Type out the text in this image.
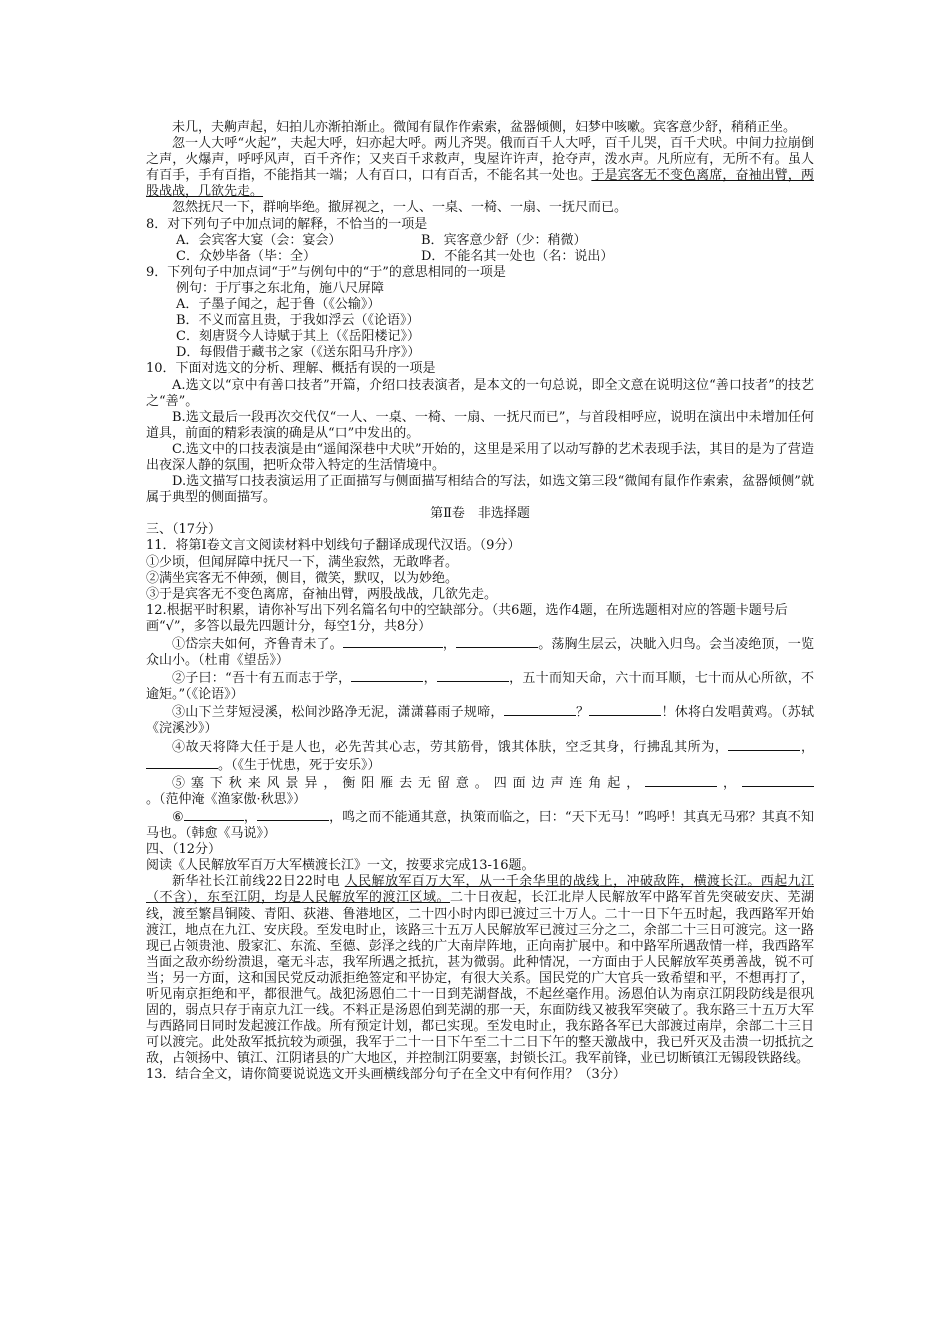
未几，夫齁声起，妇拍儿亦渐拍渐止。微闻有鼠作作索索，盆器倾侧，妇梦中咳嗽。宾客意少舒，稍稍正坐。

忽一人大呼“火起”，夫起大呼，妇亦起大呼。两儿齐哭。俄而百千人大呼，百千儿哭，百千犬吠。中间力拉崩倒之声，火爆声，呼呼风声，百千齐作；又夹百千求救声，曳屋许许声，抢夺声，泼水声。凡所应有，无所不有。虽人有百手，手有百指，不能指其一端；人有百口，口有百舌，不能名其一处也。于是宾客无不变色离席，奋袖出臂，两股战战，几欲先走。

忽然抚尺一下，群响毕绝。撤屏视之，一人、一桌、一椅、一扇、一抚尺而已。

8．对下列句子中加点词的解释，不恰当的一项是

A．会宾客大宴（会：宴会）	B．宾客意少舒（少：稍微）
C．众妙毕备（毕：全）	D．不能名其一处也（名：说出）

9．下列句子中加点词“于”与例句中的“于”的意思相同的一项是

例句：于厅事之东北角，施八尺屏障

A．子墨子闻之，起于鲁（《公输》）

B．不义而富且贵，于我如浮云（《论语》）

C．刻唐贤今人诗赋于其上（《岳阳楼记》）

D．每假借于藏书之家（《送东阳马升序》）

10．下面对选文的分析、理解、概括有误的一项是

A.选文以“京中有善口技者”开篇，介绍口技表演者，是本文的一句总说，即全文意在说明这位“善口技者”的技艺之“善”。

B.选文最后一段再次交代仅“一人、一桌、一椅、一扇、一抚尺而已”，与首段相呼应，说明在演出中未增加任何道具，前面的精彩表演的确是从“口”中发出的。

C.选文中的口技表演是由“遥闻深巷中犬吠”开始的，这里是采用了以动写静的艺术表现手法，其目的是为了营造出夜深人静的氛围，把听众带入特定的生活情境中。

D.选文描写口技表演运用了正面描写与侧面描写相结合的写法，如选文第三段“微闻有鼠作作索索，盆器倾侧”就属于典型的侧面描写。

第Ⅱ卷　非选择题

三、（17分）

11．将第Ⅰ卷文言文阅读材料中划线句子翻译成现代汉语。（9分）

①少顷，但闻屏障中抚尺一下，满坐寂然，无敢哗者。

②满坐宾客无不伸颈，侧目，微笑，默叹，以为妙绝。

③于是宾客无不变色离席，奋袖出臂，两股战战，几欲先走。

12.根据平时积累，请你补写出下列名篇名句中的空缺部分。（共6题，选作4题，在所选题相对应的答题卡题号后画“√”，多答以最先四题计分，每空1分，共8分）

①岱宗夫如何，齐鲁青未了。	，	。荡胸生层云，决眦入归鸟。会当凌绝顶，一览众山小。（杜甫《望岳》）

②子曰：“吾十有五而志于学，	，	，五十而知天命，六十而耳顺，七十而从心所欲，不逾矩。”（《论语》）

③山下兰芽短浸溪，松间沙路净无泥，潇潇暮雨子规啼，	？	！休将白发唱黄鸡。（苏轼《浣溪沙》）

④故天将降大任于是人也，必先苦其心志，劳其筋骨，饿其体肤，空乏其身，行拂乱其所为，	，。（《生于忧患，死于安乐》）

⑤塞下秋来风景异，衡阳雁去无留意。四面边声连角起，	，。（范仲淹《渔家傲·秋思》）

⑥	，	，鸣之而不能通其意，执策而临之，曰：“天下无马！”呜呼！其真无马邪？其真不知马也。（韩愈《马说》）

四、（12分）

阅读《人民解放军百万大军横渡长江》一文，按要求完成13-16题。

新华社长江前线22日22时电 人民解放军百万大军，从一千余华里的战线上，冲破敌阵，横渡长江。西起九江（不含），东至江阴，均是人民解放军的渡江区域。二十日夜起，长江北岸人民解放军中路军首先突破安庆、芜湖线，渡至繁昌铜陵、青阳、荻港、鲁港地区，二十四小时内即已渡过三十万人。二十一日下午五时起，我西路军开始渡江，地点在九江、安庆段。至发电时止，该路三十五万人民解放军已渡过三分之二，余部二十三日可渡完。这一路现已占领贵池、殷家汇、东流、至德、彭泽之线的广大南岸阵地，正向南扩展中。和中路军所遇敌情一样，我西路军当面之敌亦纷纷溃退，毫无斗志，我军所遇之抵抗，甚为微弱。此种情况，一方面由于人民解放军英勇善战，锐不可当；另一方面，这和国民党反动派拒绝签定和平协定，有很大关系。国民党的广大官兵一致希望和平，不想再打了，听见南京拒绝和平，都很泄气。战犯汤恩伯二十一日到芜湖督战，不起丝毫作用。汤恩伯认为南京江阴段防线是很巩固的，弱点只存于南京九江一线。不料正是汤恩伯到芜湖的那一天，东面防线又被我军突破了。我东路三十五万大军与西路同日同时发起渡江作战。所有预定计划，都已实现。至发电时止，我东路各军已大部渡过南岸，余部二十三日可以渡完。此处敌军抵抗较为顽强，我军于二十一日下午至二十二日下午的整天激战中，我已歼灭及击溃一切抵抗之敌，占领扬中、镇江、江阴诸县的广大地区，并控制江阴要塞，封锁长江。我军前锋，业已切断镇江无锡段铁路线。

13．结合全文，请你简要说说选文开头画横线部分句子在全文中有何作用？（3分）
